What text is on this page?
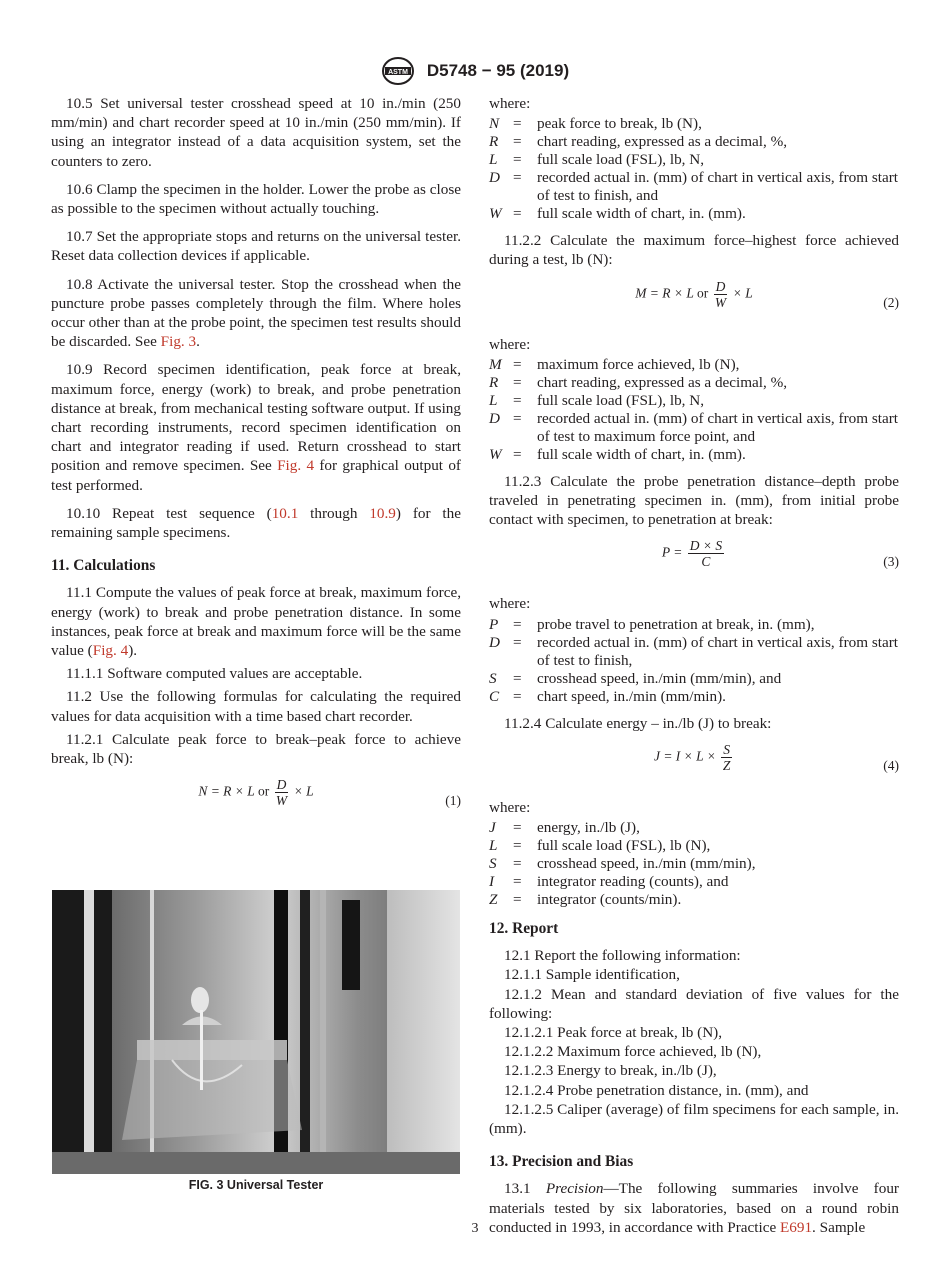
ASTM D5748 − 95 (2019)

10.5 Set universal tester crosshead speed at 10 in./min (250 mm/min) and chart recorder speed at 10 in./min (250 mm/min). If using an integrator instead of a data acquisition system, set the counters to zero.

10.6 Clamp the specimen in the holder. Lower the probe as close as possible to the specimen without actually touching.

10.7 Set the appropriate stops and returns on the universal tester. Reset data collection devices if applicable.

10.8 Activate the universal tester. Stop the crosshead when the puncture probe passes completely through the film. Where holes occur other than at the probe point, the specimen test results should be discarded. See Fig. 3.

10.9 Record specimen identification, peak force at break, maximum force, energy (work) to break, and probe penetration distance at break, from mechanical testing software output. If using chart recording instruments, record specimen identification on chart and integrator reading if used. Return crosshead to start position and remove specimen. See Fig. 4 for graphical output of test performed.

10.10 Repeat test sequence (10.1 through 10.9) for the remaining sample specimens.

11. Calculations

11.1 Compute the values of peak force at break, maximum force, energy (work) to break and probe penetration distance. In some instances, peak force at break and maximum force will be the same value (Fig. 4).

11.1.1 Software computed values are acceptable.

11.2 Use the following formulas for calculating the required values for data acquisition with a time based chart recorder.

11.2.1 Calculate peak force to break–peak force to achieve break, lb (N):

N = R × L or $\frac{D}{W} \times L$
(1)
FIG. 3 Universal Tester

where:

N	=	peak force to break, lb (N),
R	=	chart reading, expressed as a decimal, %,
L	=	full scale load (FSL), lb, N,
D	=	recorded actual in. (mm) of chart in vertical axis, from start of test to finish, and
W	=	full scale width of chart, in. (mm).

11.2.2 Calculate the maximum force–highest force achieved during a test, lb (N):

M = R × L or $\frac{D}{W} \times L$
(2)

where:

M	=	maximum force achieved, lb (N),
R	=	chart reading, expressed as a decimal, %,
L	=	full scale load (FSL), lb, N,
D	=	recorded actual in. (mm) of chart in vertical axis, from start of test to maximum force point, and
W	=	full scale width of chart, in. (mm).

11.2.3 Calculate the probe penetration distance–depth probe traveled in penetrating specimen in. (mm), from initial probe contact with specimen, to penetration at break:

$P = \frac{D \times S}{C}$	(3)

where:

P	=	probe travel to penetration at break, in. (mm),
D	=	recorded actual in. (mm) of chart in vertical axis, from start of test to finish,
S	=	crosshead speed, in./min (mm/min), and
C	=	chart speed, in./min (mm/min).

11.2.4 Calculate energy – in./lb (J) to break:

$J = I \times L \times \frac{S}{Z}$	(4)

where:

J	=	energy, in./lb (J),
L	=	full scale load (FSL), lb (N),
S	=	crosshead speed, in./min (mm/min),
I	=	integrator reading (counts), and
Z	=	integrator (counts/min).
12. Report

12.1 Report the following information:

12.1.1 Sample identification,

12.1.2 Mean and standard deviation of five values for the following:

12.1.2.1 Peak force at break, lb (N),

12.1.2.2 Maximum force achieved, lb (N),

12.1.2.3 Energy to break, in./lb (J),

12.1.2.4 Probe penetration distance, in. (mm), and

12.1.2.5 Caliper (average) of film specimens for each sample, in. (mm).

13. Precision and Bias

13.1 Precision—The following summaries involve four materials tested by six laboratories, based on a round robin conducted in 1993, in accordance with Practice E691. Sample

3
